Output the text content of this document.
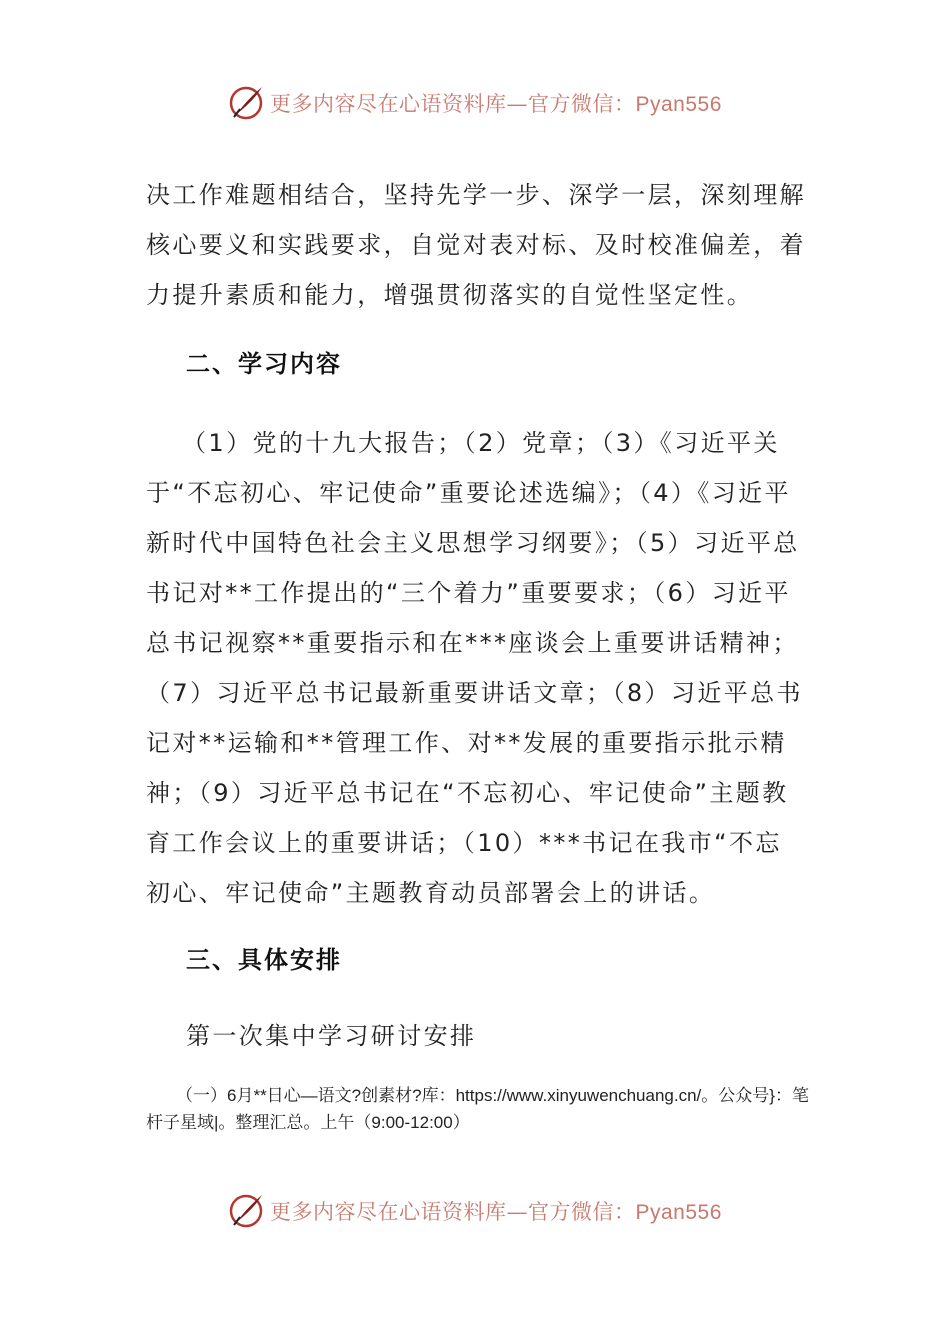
更多内容尽在心语资料库—官方微信：Pyan556

决工作难题相结合，坚持先学一步、深学一层，深刻理解核心要义和实践要求，自觉对表对标、及时校准偏差，着力提升素质和能力，增强贯彻落实的自觉性坚定性。

二、学习内容

（1）党的十九大报告；（2）党章；（3）《习近平关于“不忘初心、牢记使命”重要论述选编》；（4）《习近平新时代中国特色社会主义思想学习纲要》；（5）习近平总书记对**工作提出的“三个着力”重要要求；（6）习近平总书记视察**重要指示和在***座谈会上重要讲话精神；（7）习近平总书记最新重要讲话文章；（8）习近平总书记对**运输和**管理工作、对**发展的重要指示批示精神；（9）习近平总书记在“不忘初心、牢记使命”主题教育工作会议上的重要讲话；（10）***书记在我市“不忘初心、牢记使命”主题教育动员部署会上的讲话。

三、具体安排
第一次集中学习研讨安排

（一）6月**日心—语文?创素材?库：https://www.xinyuwenchuang.cn/。公众号}：笔杆子星域|。整理汇总。上午（9:00-12:00）

更多内容尽在心语资料库—官方微信：Pyan556
